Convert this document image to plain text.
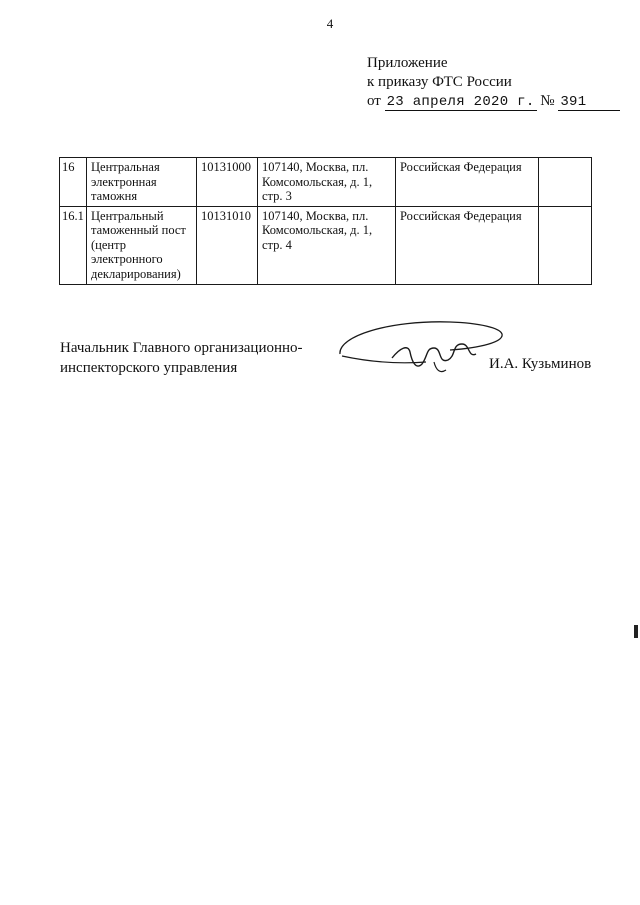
4
Приложение
к приказу ФТС России
от 23 апреля 2020 г. № 391
16	Центральная электронная таможня	10131000	107140, Москва, пл. Комсомольская, д. 1, стр. 3	Российская Федерация	
16.1	Центральный таможенный пост (центр электронного декларирования)	10131010	107140, Москва, пл. Комсомольская, д. 1, стр. 4	Российская Федерация	
Начальник Главного организационно-
инспекторского управления	И.А. Кузьминов
